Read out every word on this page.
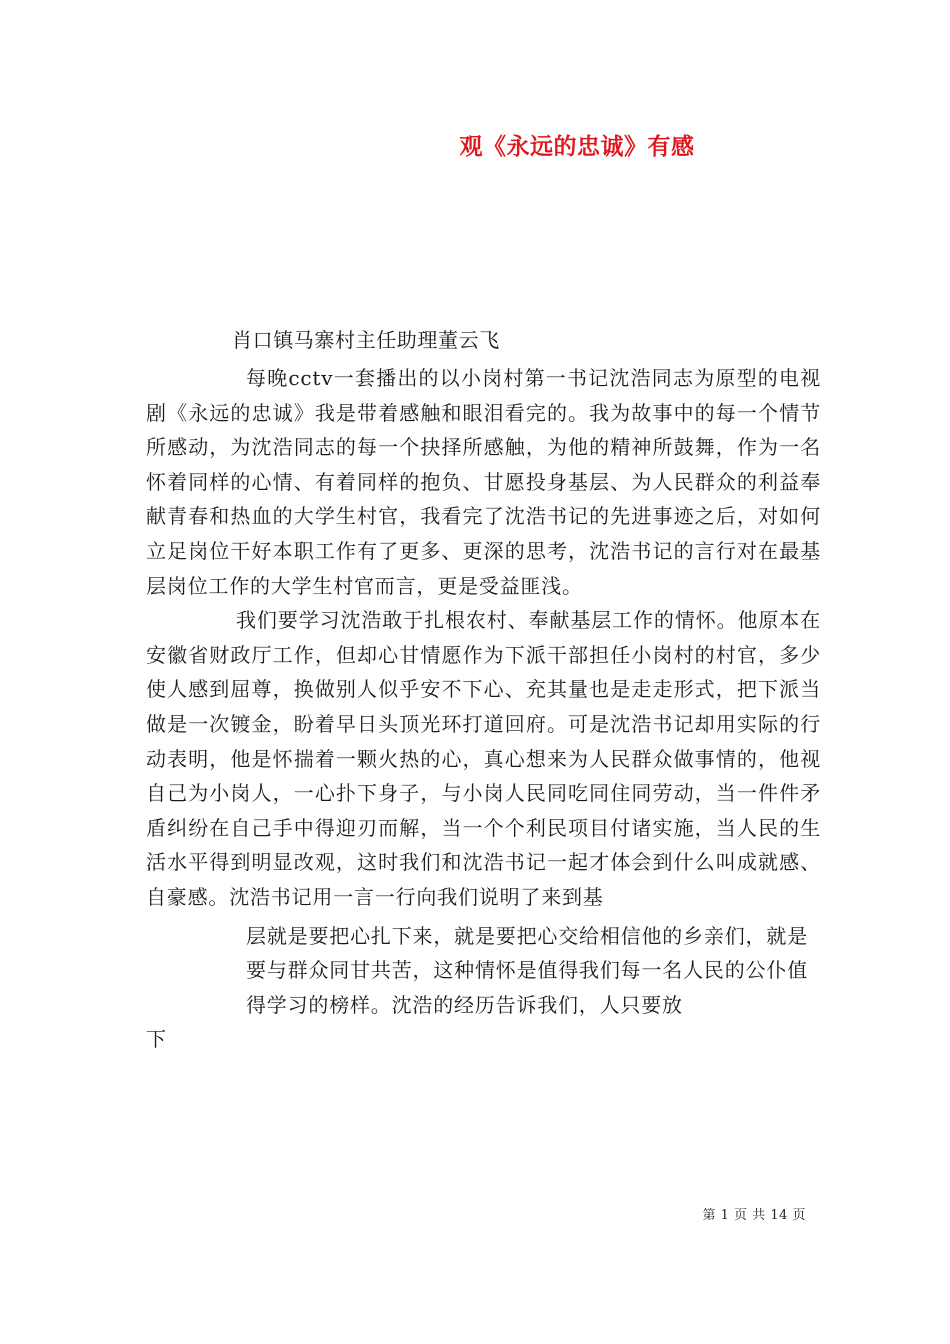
观《永远的忠诚》有感
肖口镇马寨村主任助理董云飞

每晚cctv一套播出的以小岗村第一书记沈浩同志为原型的电视剧《永远的忠诚》我是带着感触和眼泪看完的。我为故事中的每一个情节所感动，为沈浩同志的每一个抉择所感触，为他的精神所鼓舞，作为一名怀着同样的心情、有着同样的抱负、甘愿投身基层、为人民群众的利益奉献青春和热血的大学生村官，我看完了沈浩书记的先进事迹之后，对如何立足岗位干好本职工作有了更多、更深的思考，沈浩书记的言行对在最基层岗位工作的大学生村官而言，更是受益匪浅。

我们要学习沈浩敢于扎根农村、奉献基层工作的情怀。他原本在安徽省财政厅工作，但却心甘情愿作为下派干部担任小岗村的村官，多少使人感到屈尊，换做别人似乎安不下心、充其量也是走走形式，把下派当做是一次镀金，盼着早日头顶光环打道回府。可是沈浩书记却用实际的行动表明，他是怀揣着一颗火热的心，真心想来为人民群众做事情的，他视自己为小岗人，一心扑下身子，与小岗人民同吃同住同劳动，当一件件矛盾纠纷在自己手中得迎刃而解，当一个个利民项目付诸实施，当人民的生活水平得到明显改观，这时我们和沈浩书记一起才体会到什么叫成就感、自豪感。沈浩书记用一言一行向我们说明了来到基

层就是要把心扎下来，就是要把心交给相信他的乡亲们，就是要与群众同甘共苦，这种情怀是值得我们每一名人民的公仆值得学习的榜样。沈浩的经历告诉我们，人只要放

下

第 1 页 共 14 页
